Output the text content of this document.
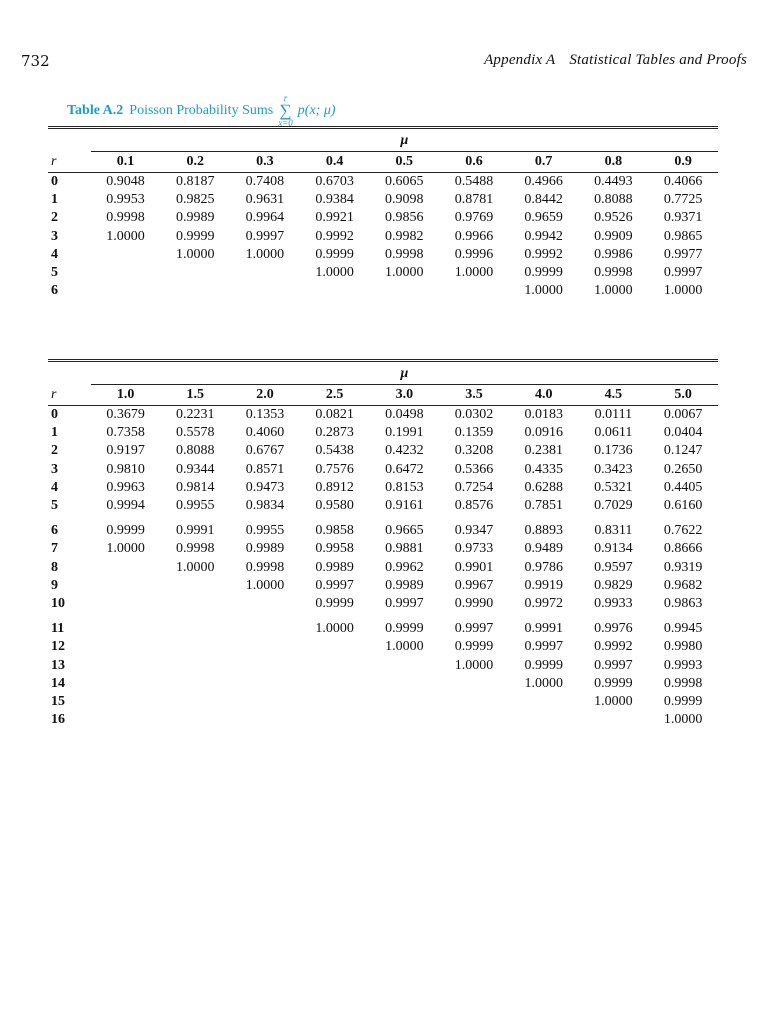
732	Appendix A Statistical Tables and Proofs
Table A.2 Poisson Probability Sums
r
∑
x=0
p(x; μ)
	μ								
r	0.1	0.2	0.3	0.4	0.5	0.6	0.7	0.8	0.9
0	0.9048	0.8187	0.7408	0.6703	0.6065	0.5488	0.4966	0.4493	0.4066
1	0.9953	0.9825	0.9631	0.9384	0.9098	0.8781	0.8442	0.8088	0.7725
2	0.9998	0.9989	0.9964	0.9921	0.9856	0.9769	0.9659	0.9526	0.9371
3	1.0000	0.9999	0.9997	0.9992	0.9982	0.9966	0.9942	0.9909	0.9865
4		1.0000	1.0000	0.9999	0.9998	0.9996	0.9992	0.9986	0.9977
5				1.0000	1.0000	1.0000	0.9999	0.9998	0.9997
6							1.0000	1.0000	1.0000
	μ								
r	1.0	1.5	2.0	2.5	3.0	3.5	4.0	4.5	5.0
0	0.3679	0.2231	0.1353	0.0821	0.0498	0.0302	0.0183	0.0111	0.0067
1	0.7358	0.5578	0.4060	0.2873	0.1991	0.1359	0.0916	0.0611	0.0404
2	0.9197	0.8088	0.6767	0.5438	0.4232	0.3208	0.2381	0.1736	0.1247
3	0.9810	0.9344	0.8571	0.7576	0.6472	0.5366	0.4335	0.3423	0.2650
4	0.9963	0.9814	0.9473	0.8912	0.8153	0.7254	0.6288	0.5321	0.4405
5	0.9994	0.9955	0.9834	0.9580	0.9161	0.8576	0.7851	0.7029	0.6160
6	0.9999	0.9991	0.9955	0.9858	0.9665	0.9347	0.8893	0.8311	0.7622
7	1.0000	0.9998	0.9989	0.9958	0.9881	0.9733	0.9489	0.9134	0.8666
8		1.0000	0.9998	0.9989	0.9962	0.9901	0.9786	0.9597	0.9319
9			1.0000	0.9997	0.9989	0.9967	0.9919	0.9829	0.9682
10				0.9999	0.9997	0.9990	0.9972	0.9933	0.9863
11				1.0000	0.9999	0.9997	0.9991	0.9976	0.9945
12					1.0000	0.9999	0.9997	0.9992	0.9980
13						1.0000	0.9999	0.9997	0.9993
14							1.0000	0.9999	0.9998
15								1.0000	0.9999
16									1.0000
